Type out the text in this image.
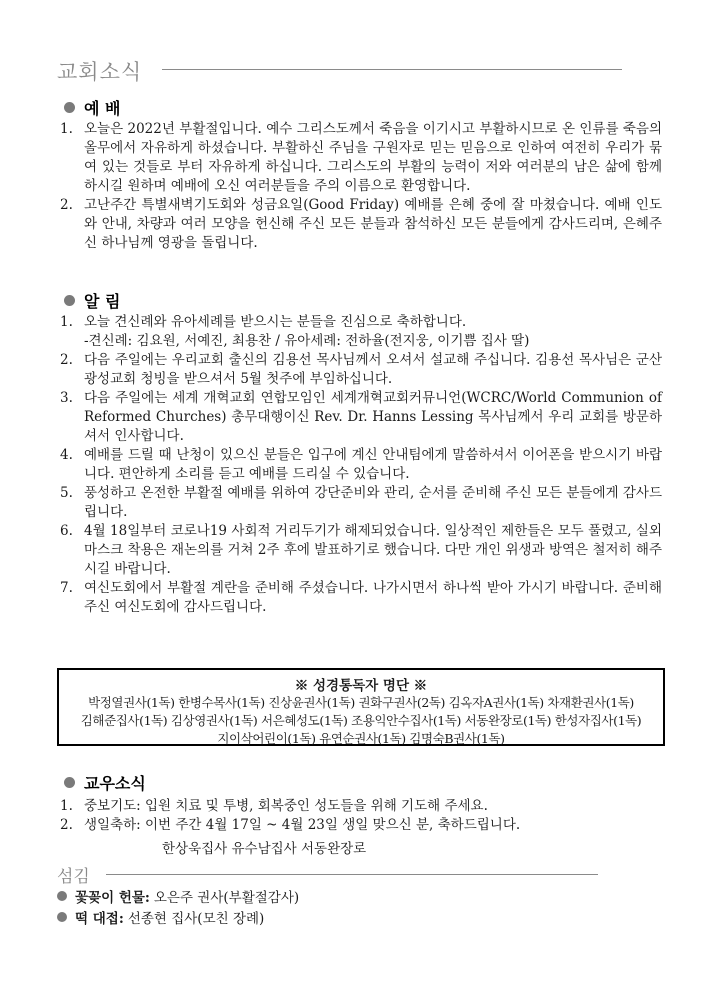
교회소식
예 배
1. 오늘은 2022년 부활절입니다. 예수 그리스도께서 죽음을 이기시고 부활하시므로 온 인류를 죽음의 올무에서 자유하게 하셨습니다. 부활하신 주님을 구원자로 믿는 믿음으로 인하여 여전히 우리가 묶여 있는 것들로 부터 자유하게 하십니다. 그리스도의 부활의 능력이 저와 여러분의 남은 삶에 함께 하시길 원하며 예배에 오신 여러분들을 주의 이름으로 환영합니다.
2. 고난주간 특별새벽기도회와 성금요일(Good Friday) 예배를 은혜 중에 잘 마쳤습니다. 예배 인도와 안내, 차량과 여러 모양을 헌신해 주신 모든 분들과 참석하신 모든 분들에게 감사드리며, 은혜주신 하나님께 영광을 돌립니다.
알 림
1. 오늘 견신례와 유아세례를 받으시는 분들을 진심으로 축하합니다.
-견신례: 김요원, 서예진, 최용찬 / 유아세례: 전하율(전지웅, 이기쁨 집사 딸)
2. 다음 주일에는 우리교회 출신의 김용선 목사님께서 오셔서 설교해 주십니다. 김용선 목사님은 군산 광성교회 청빙을 받으셔서 5월 첫주에 부임하십니다.
3. 다음 주일에는 세계 개혁교회 연합모임인 세계개혁교회커뮤니언(WCRC/World Communion of Reformed Churches) 총무대행이신 Rev. Dr. Hanns Lessing 목사님께서 우리 교회를 방문하셔서 인사합니다.
4. 예배를 드릴 때 난청이 있으신 분들은 입구에 계신 안내팀에게 말씀하셔서 이어폰을 받으시기 바랍니다. 편안하게 소리를 듣고 예배를 드리실 수 있습니다.
5. 풍성하고 온전한 부활절 예배를 위하여 강단준비와 관리, 순서를 준비해 주신 모든 분들에게 감사드립니다.
6. 4월 18일부터 코로나19 사회적 거리두기가 해제되었습니다. 일상적인 제한들은 모두 풀렸고, 실외 마스크 착용은 재논의를 거쳐 2주 후에 발표하기로 했습니다. 다만 개인 위생과 방역은 철저히 해주시길 바랍니다.
7. 여신도회에서 부활절 계란을 준비해 주셨습니다. 나가시면서 하나씩 받아 가시기 바랍니다. 준비해 주신 여신도회에 감사드립니다.
※ 성경통독자 명단 ※
박정열권사(1독) 한병수목사(1독) 진상윤권사(1독) 권화구권사(2독) 김옥자A권사(1독) 차재환권사(1독)
김해준집사(1독) 김상영권사(1독) 서은혜성도(1독) 조용익안수집사(1독) 서동완장로(1독) 한성자집사(1독)
지이삭어린이(1독) 유연순권사(1독) 김명숙B권사(1독)
교우소식
1. 중보기도: 입원 치료 및 투병, 회복중인 성도들을 위해 기도해 주세요.
2. 생일축하: 이번 주간 4월 17일 ~ 4월 23일 생일 맞으신 분, 축하드립니다.
한상욱집사 유수남집사 서동완장로
섬김
꽃꽂이 헌물: 오은주 권사(부활절감사)
떡 대접: 선종현 집사(모친 장례)
